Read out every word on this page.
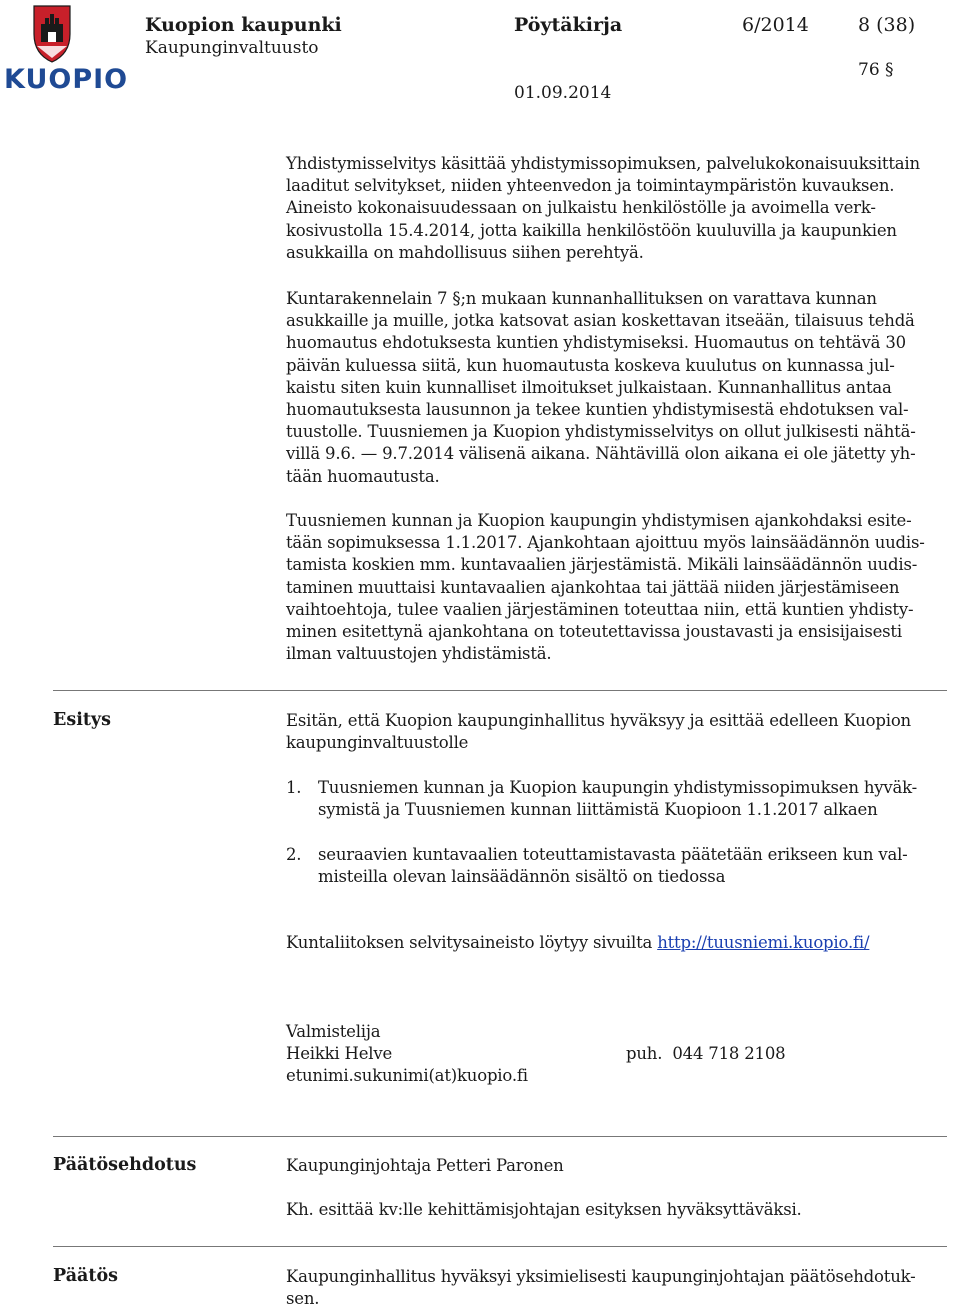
KUOPIO
Kuopion kaupunki
Kaupunginvaltuusto
Pöytäkirja	6/2014	8 (38)
76 §
01.09.2014
Yhdistymisselvitys käsittää yhdistymissopimuksen, palvelukokonaisuuksittain
laaditut selvitykset, niiden yhteenvedon ja toimintaympäristön kuvauksen.
Aineisto kokonaisuudessaan on julkaistu henkilöstölle ja avoimella verk-
kosivustolla 15.4.2014, jotta kaikilla henkilöstöön kuuluvilla ja kaupunkien
asukkailla on mahdollisuus siihen perehtyä.
Kuntarakennelain 7 §;n mukaan kunnanhallituksen on varattava kunnan
asukkaille ja muille, jotka katsovat asian koskettavan itseään, tilaisuus tehdä
huomautus ehdotuksesta kuntien yhdistymiseksi. Huomautus on tehtävä 30
päivän kuluessa siitä, kun huomautusta koskeva kuulutus on kunnassa jul-
kaistu siten kuin kunnalliset ilmoitukset julkaistaan. Kunnanhallitus antaa
huomautuksesta lausunnon ja tekee kuntien yhdistymisestä ehdotuksen val-
tuustolle. Tuusniemen ja Kuopion yhdistymisselvitys on ollut julkisesti nähtä-
villä 9.6. — 9.7.2014 välisenä aikana. Nähtävillä olon aikana ei ole jätetty yh-
tään huomautusta.
Tuusniemen kunnan ja Kuopion kaupungin yhdistymisen ajankohdaksi esite-
tään sopimuksessa 1.1.2017. Ajankohtaan ajoittuu myös lainsäädännön uudis-
tamista koskien mm. kuntavaalien järjestämistä. Mikäli lainsäädännön uudis-
taminen muuttaisi kuntavaalien ajankohtaa tai jättää niiden järjestämiseen
vaihtoehtoja, tulee vaalien järjestäminen toteuttaa niin, että kuntien yhdisty-
minen esitettynä ajankohtana on toteutettavissa joustavasti ja ensisijaisesti
ilman valtuustojen yhdistämistä.
Esitys	Esitän, että Kuopion kaupunginhallitus hyväksyy ja esittää edelleen Kuopion
kaupunginvaltuustolle
1. Tuusniemen kunnan ja Kuopion kaupungin yhdistymissopimuksen hyväk-
symistä ja Tuusniemen kunnan liittämistä Kuopioon 1.1.2017 alkaen
2. seuraavien kuntavaalien toteuttamistavasta päätetään erikseen kun val-
misteilla olevan lainsäädännön sisältö on tiedossa
Kuntaliitoksen selvitysaineisto löytyy sivuilta http://tuusniemi.kuopio.fi/
Valmistelija
Heikki Helve
etunimi.sukunimi(at)kuopio.fi
puh.  044 718 2108
Päätösehdotus	Kaupunginjohtaja Petteri Paronen
Kh. esittää kv:lle kehittämisjohtajan esityksen hyväksyttäväksi.
Päätös	Kaupunginhallitus hyväksyi yksimielisesti kaupunginjohtajan päätösehdotuk-
sen.
